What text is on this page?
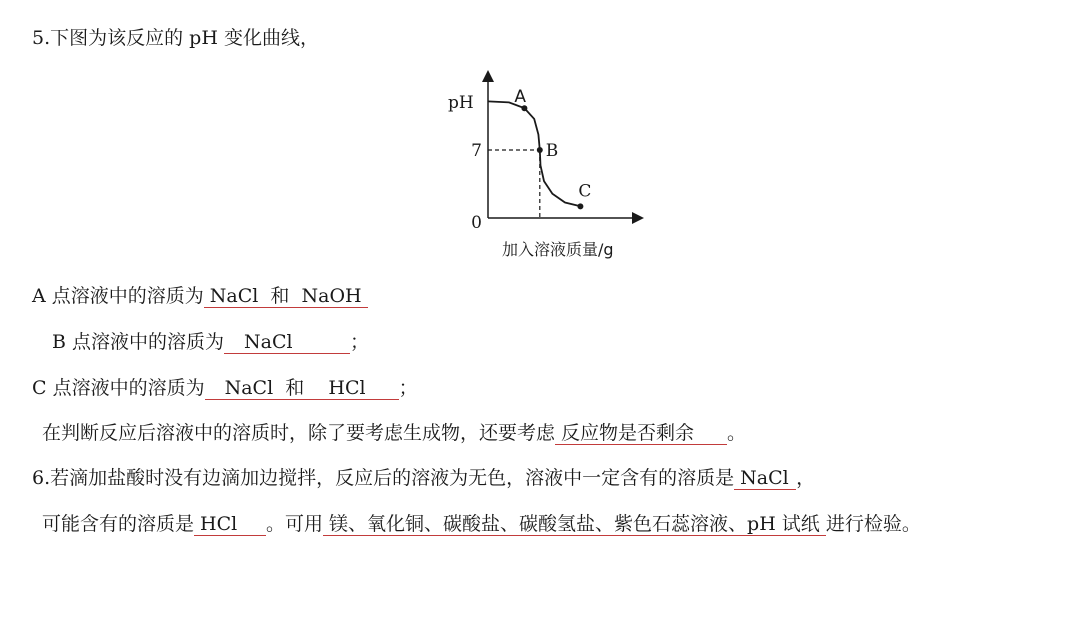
5.下图为该反应的 pH 变化曲线，
A
B
C
pH
7
0
加入溶液质量/g
A 点溶液中的溶质为 NaCl  和  NaOH
B 点溶液中的溶质为 NaCl	；
C 点溶液中的溶质为 NaCl  和    HCl ；
在判断反应后溶液中的溶质时，除了要考虑生成物，还要考虑 反应物是否剩余 。
6.若滴加盐酸时没有边滴加边搅拌，反应后的溶液为无色，溶液中一定含有的溶质是 NaCl ，
可能含有的溶质是 HCl 。可用 镁、氧化铜、碳酸盐、碳酸氢盐、紫色石蕊溶液、pH 试纸 进行检验。
